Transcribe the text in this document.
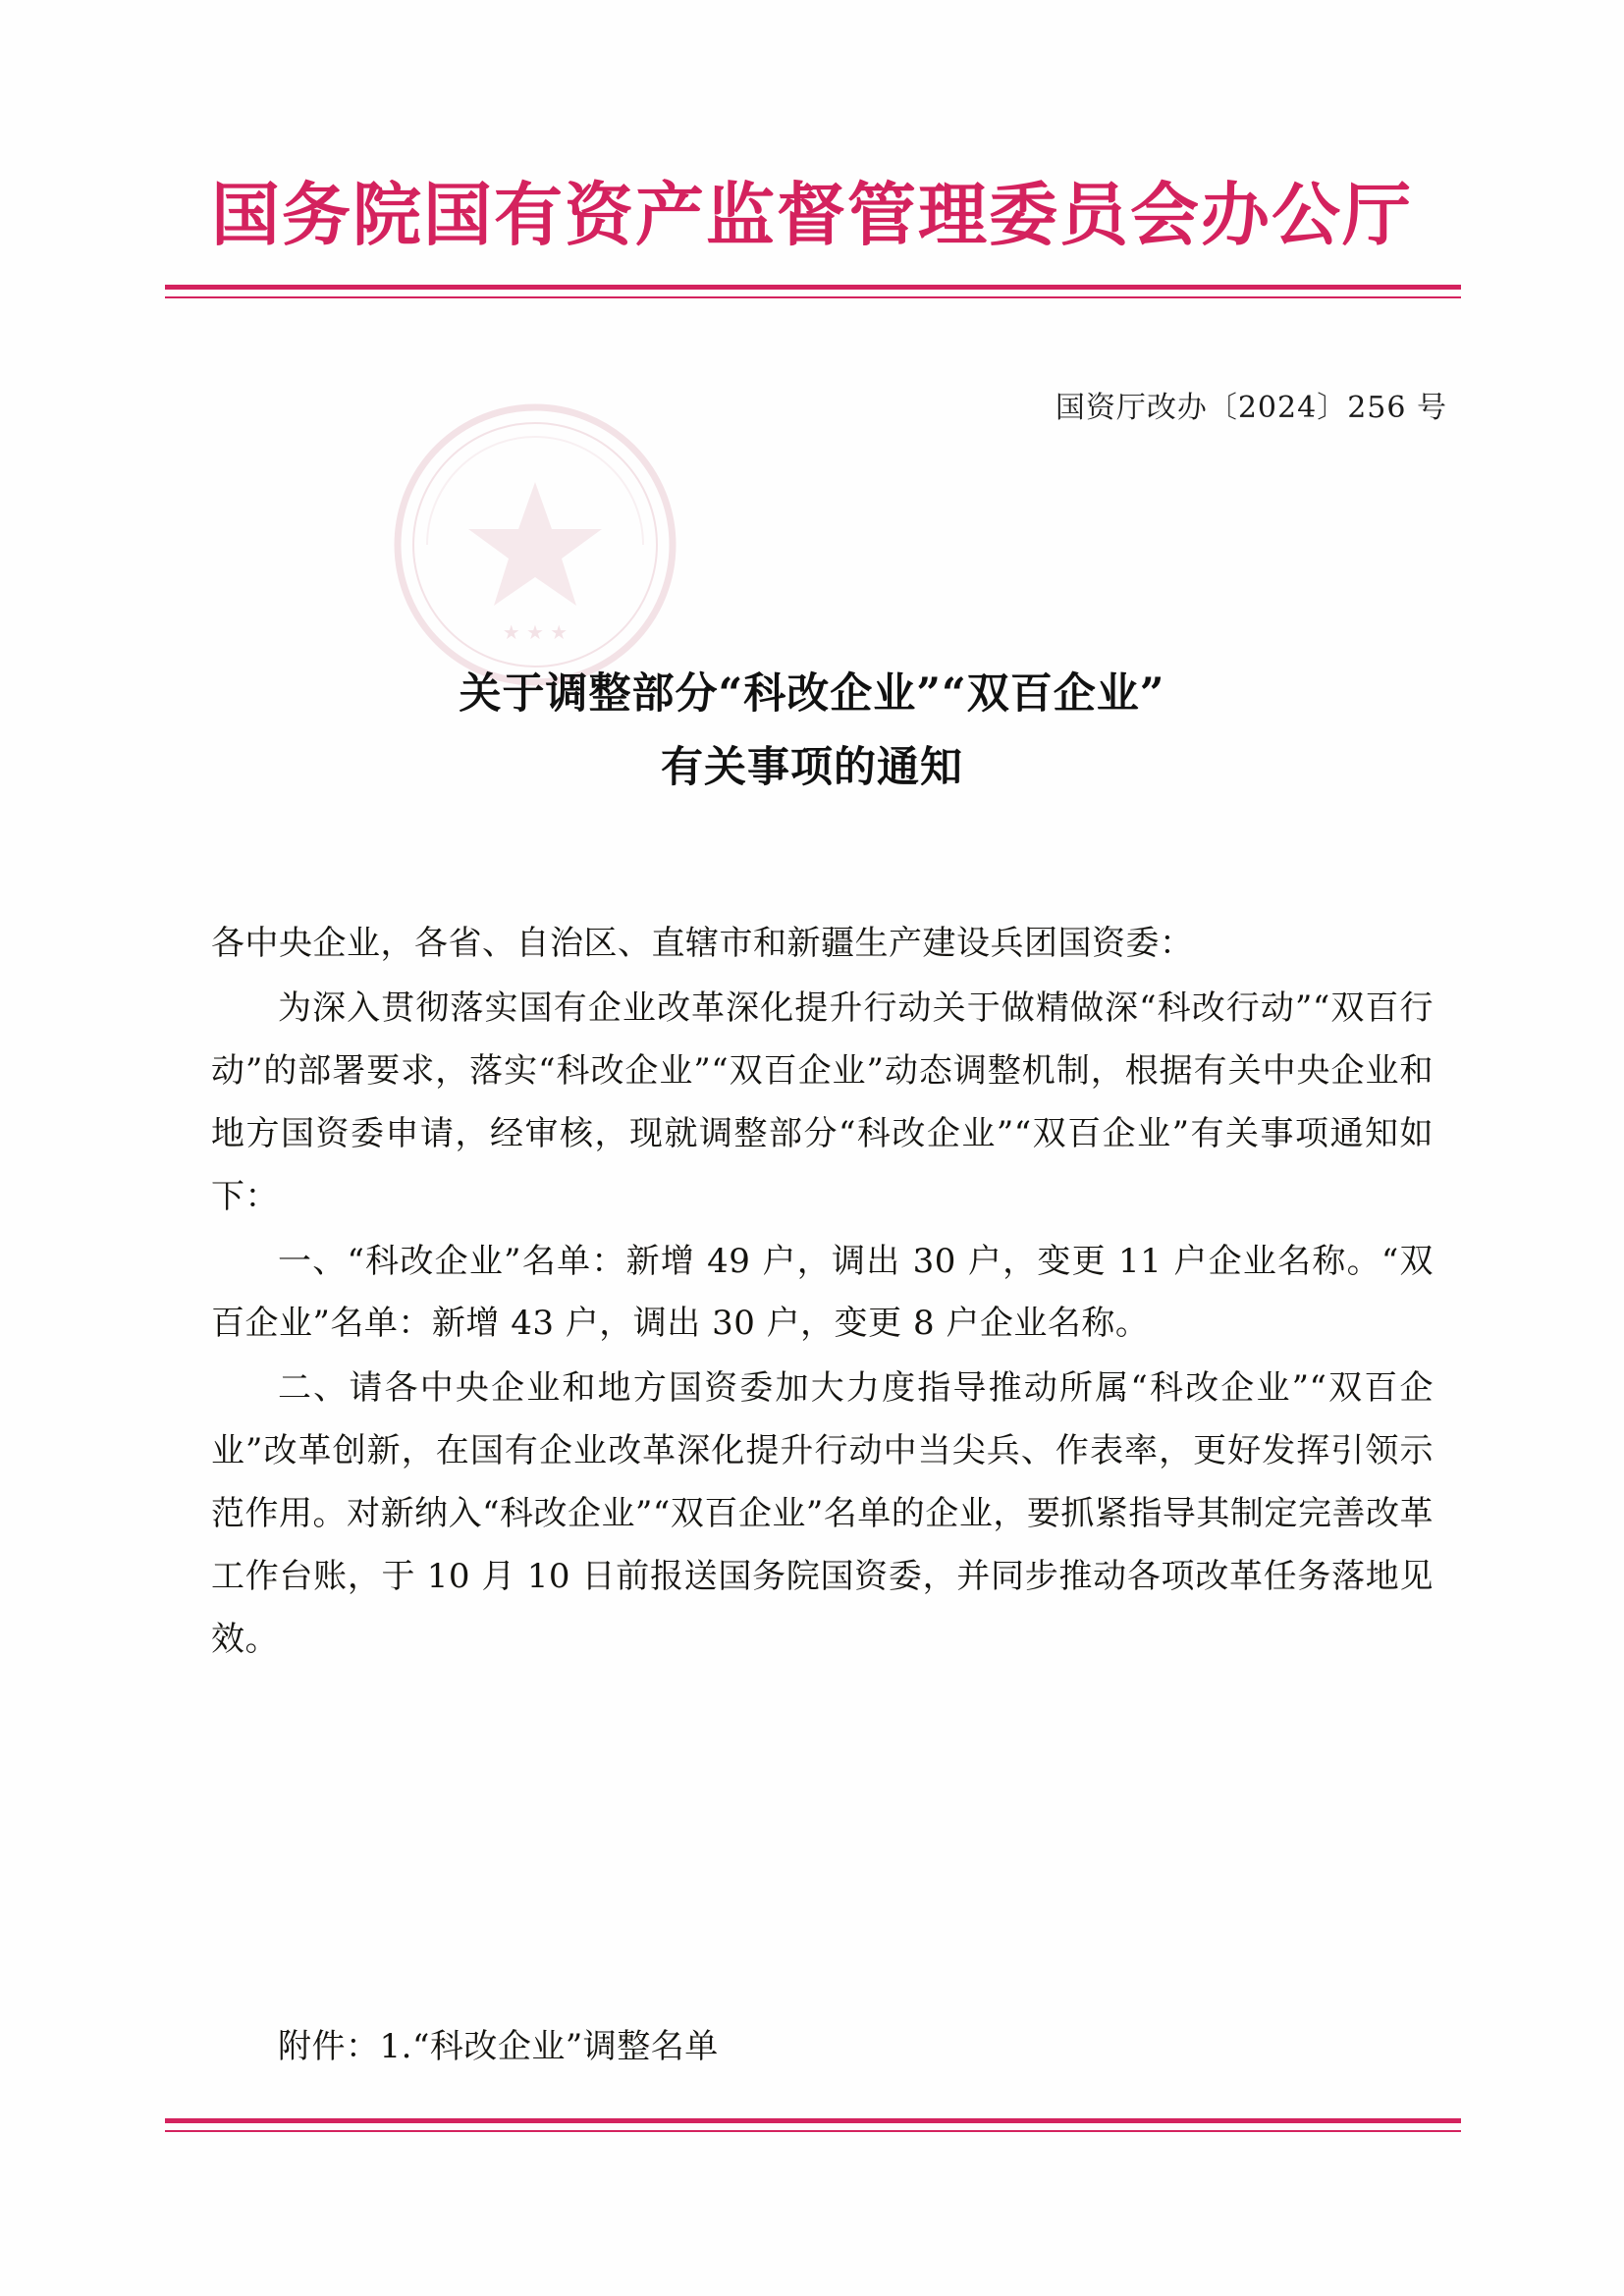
国务院国有资产监督管理委员会办公厅
国资厅改办〔2024〕256 号
★ ★ ★
关于调整部分“科改企业”“双百企业”
有关事项的通知

各中央企业，各省、自治区、直辖市和新疆生产建设兵团国资委：

为深入贯彻落实国有企业改革深化提升行动关于做精做深“科改行动”“双百行动”的部署要求，落实“科改企业”“双百企业”动态调整机制，根据有关中央企业和地方国资委申请，经审核，现就调整部分“科改企业”“双百企业”有关事项通知如下：

一、“科改企业”名单：新增 49 户，调出 30 户，变更 11 户企业名称。“双百企业”名单：新增 43 户，调出 30 户，变更 8 户企业名称。

二、请各中央企业和地方国资委加大力度指导推动所属“科改企业”“双百企业”改革创新，在国有企业改革深化提升行动中当尖兵、作表率，更好发挥引领示范作用。对新纳入“科改企业”“双百企业”名单的企业，要抓紧指导其制定完善改革工作台账，于 10 月 10 日前报送国务院国资委，并同步推动各项改革任务落地见效。

附件：1.“科改企业”调整名单
